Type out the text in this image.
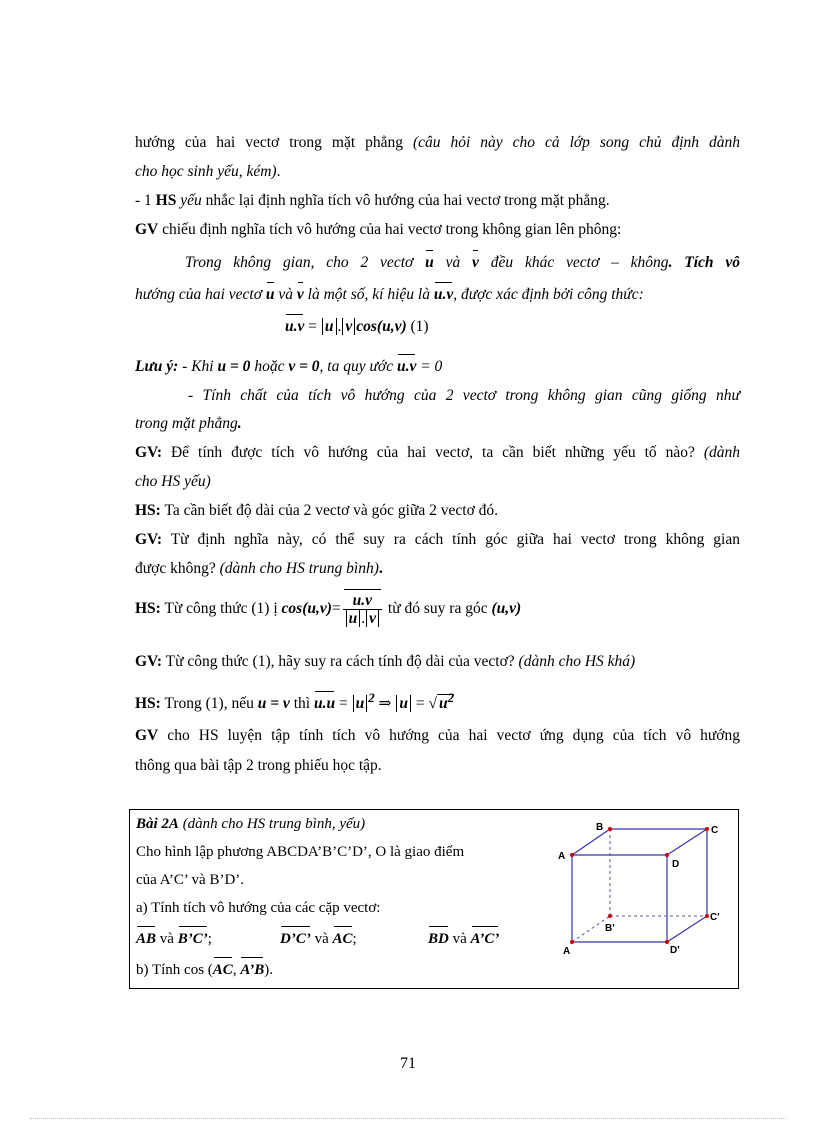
hướng của hai vectơ trong mặt phẳng (câu hỏi này cho cả lớp song chủ định dành
cho học sinh yếu, kém).
- 1 HS yếu nhắc lại định nghĩa tích vô hướng của hai vectơ trong mặt phẳng.
GV chiếu định nghĩa tích vô hướng của hai vectơ trong không gian lên phông:
Trong không gian, cho 2 vectơ u và v đều khác vectơ – không. Tích vô
hướng của hai vectơ u và v là một số, kí hiệu là u.v, được xác định bởi công thức:
u.v = u . v cos(u,v) (1)
Lưu ý: - Khi u = 0 hoặc v = 0, ta quy ước u.v = 0
- Tính chất của tích vô hướng của 2 vectơ trong không gian cũng giống như
trong mặt phẳng.
GV: Để tính được tích vô hướng của hai vectơ, ta cần biết những yếu tố nào? (dành
cho HS yếu)
HS: Ta cần biết độ dài của 2 vectơ và góc giữa 2 vectơ đó.
GV: Từ định nghĩa này, có thể suy ra cách tính góc giữa hai vectơ trong không gian
được không? (dành cho HS trung bình).
HS: Từ công thức (1) ị $\cos(u,v)= \frac{u.v}{u . v}$ từ đó suy ra góc (u,v)
GV: Từ công thức (1), hãy suy ra cách tính độ dài của vectơ? (dành cho HS khá)
HS: Trong (1), nếu u = v thì u.u = u $^2$ ⇒ u = √ $u^2$
GV cho HS luyện tập tính tích vô hướng của hai vectơ ứng dụng của tích vô hướng
thông qua bài tập 2 trong phiếu học tập.
Bài 2A (dành cho HS trung bình, yếu)
Cho hình lập phương ABCDA’B’C’D’, O là giao điểm
của A’C’ và B’D’.
a) Tính tích vô hướng của các cặp vectơ:
AB và B’C’;	D’C’ và AC;	BD và A’C’
b) Tính cos (AC, A’B).
B	C
A
D
C'
B'
A	D'
71
